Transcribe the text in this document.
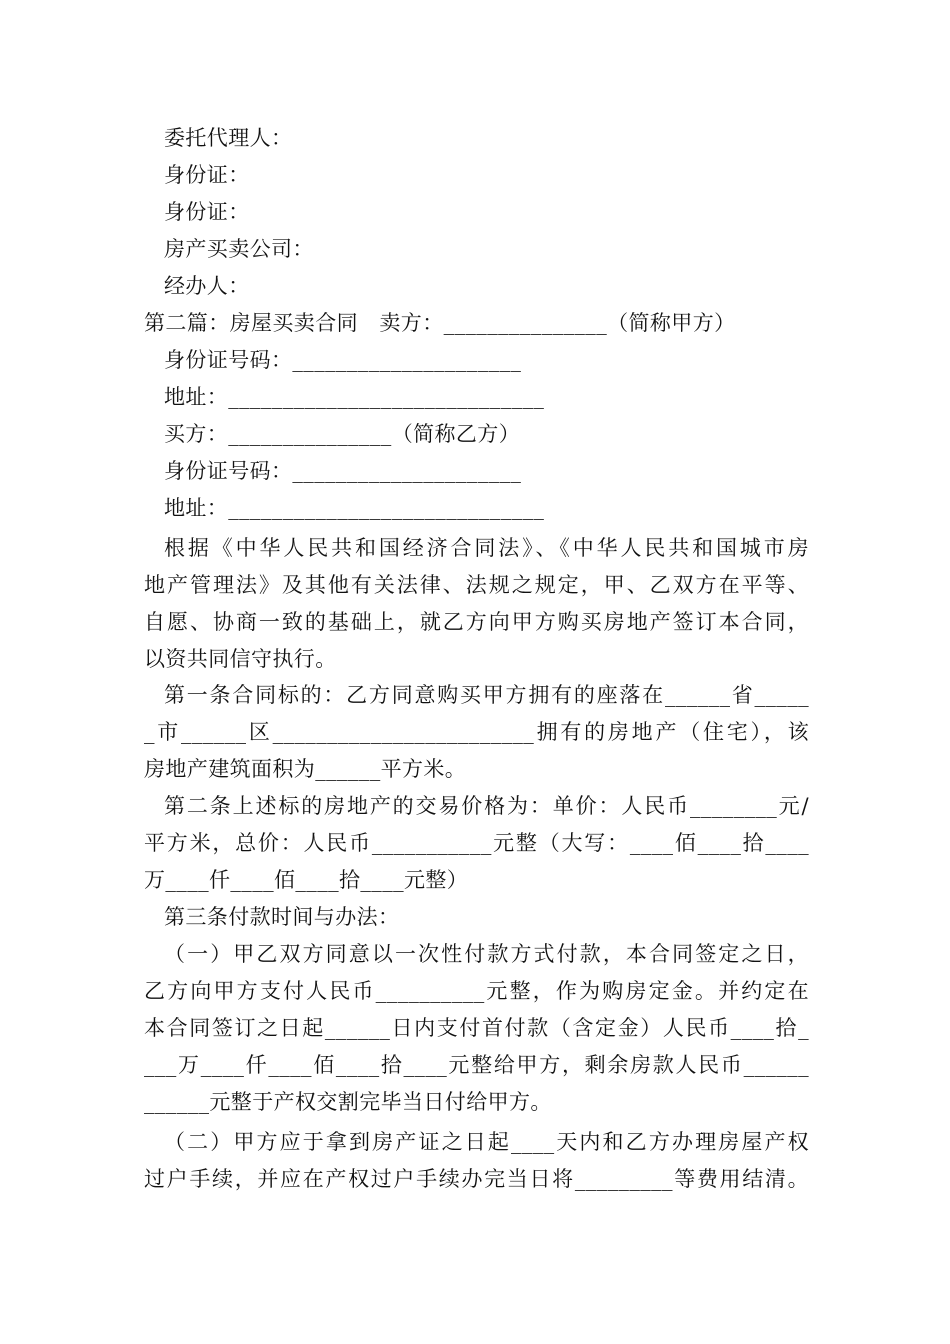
委托代理人：
身份证：
身份证：
房产买卖公司：
经办人：
第二篇：房屋买卖合同　卖方：_______________（简称甲方）
身份证号码：_____________________
地址：_____________________________
买方：_______________（简称乙方）
身份证号码：_____________________
地址：_____________________________
根据《中华人民共和国经济合同法》、《中华人民共和国城市房
地产管理法》及其他有关法律、法规之规定，甲、乙双方在平等、
自愿、协商一致的基础上，就乙方向甲方购买房地产签订本合同，
以资共同信守执行。
第一条合同标的：乙方同意购买甲方拥有的座落在______省_____
_市______区________________________拥有的房地产（住宅），该
房地产建筑面积为______平方米。
第二条上述标的房地产的交易价格为：单价：人民币________元/
平方米，总价：人民币___________元整（大写：____佰____拾____
万____仟____佰____拾____元整）
第三条付款时间与办法：
（一）甲乙双方同意以一次性付款方式付款，本合同签定之日，
乙方向甲方支付人民币__________元整，作为购房定金。并约定在
本合同签订之日起______日内支付首付款（含定金）人民币____拾_
___万____仟____佰____拾____元整给甲方，剩余房款人民币______
______元整于产权交割完毕当日付给甲方。
（二）甲方应于拿到房产证之日起____天内和乙方办理房屋产权
过户手续，并应在产权过户手续办完当日将_________等费用结清。
